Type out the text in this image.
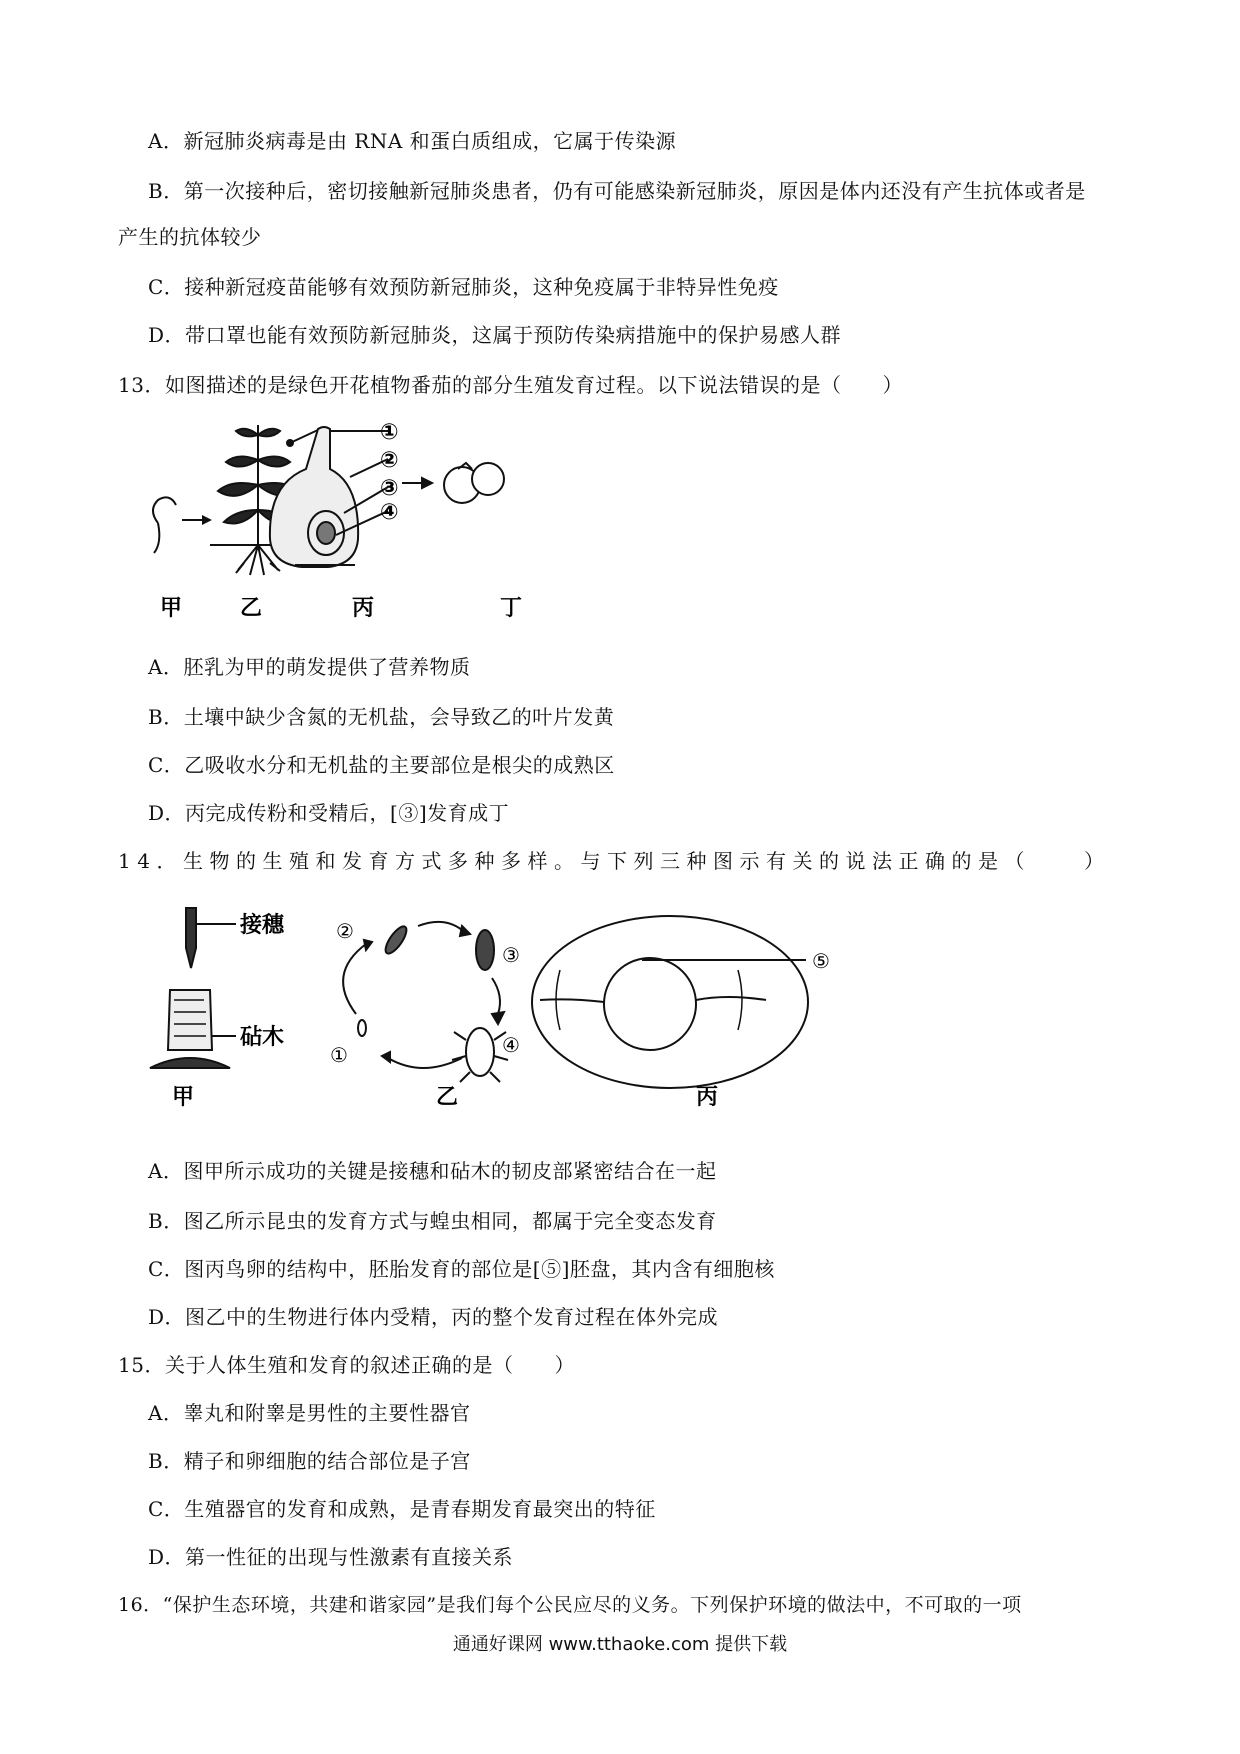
A．新冠肺炎病毒是由 RNA 和蛋白质组成，它属于传染源
B．第一次接种后，密切接触新冠肺炎患者，仍有可能感染新冠肺炎，原因是体内还没有产生抗体或者是
产生的抗体较少
C．接种新冠疫苗能够有效预防新冠肺炎，这种免疫属于非特异性免疫
D．带口罩也能有效预防新冠肺炎，这属于预防传染病措施中的保护易感人群
13．如图描述的是绿色开花植物番茄的部分生殖发育过程。以下说法错误的是（　　）
①
②
③
④
甲	乙	丙	丁
A．胚乳为甲的萌发提供了营养物质
B．土壤中缺少含氮的无机盐，会导致乙的叶片发黄
C．乙吸收水分和无机盐的主要部位是根尖的成熟区
D．丙完成传粉和受精后，[③]发育成丁
14．生物的生殖和发育方式多种多样。与下列三种图示有关的说法正确的是（　　）
接穗
砧木
②
③
①	④
⑤
甲	乙	丙
A．图甲所示成功的关键是接穗和砧木的韧皮部紧密结合在一起
B．图乙所示昆虫的发育方式与蝗虫相同，都属于完全变态发育
C．图丙鸟卵的结构中，胚胎发育的部位是[⑤]胚盘，其内含有细胞核
D．图乙中的生物进行体内受精，丙的整个发育过程在体外完成
15．关于人体生殖和发育的叙述正确的是（　　）
A．睾丸和附睾是男性的主要性器官
B．精子和卵细胞的结合部位是子宫
C．生殖器官的发育和成熟，是青春期发育最突出的特征
D．第一性征的出现与性激素有直接关系
16．“保护生态环境，共建和谐家园”是我们每个公民应尽的义务。下列保护环境的做法中，不可取的一项
通通好课网 www.tthaoke.com 提供下载
